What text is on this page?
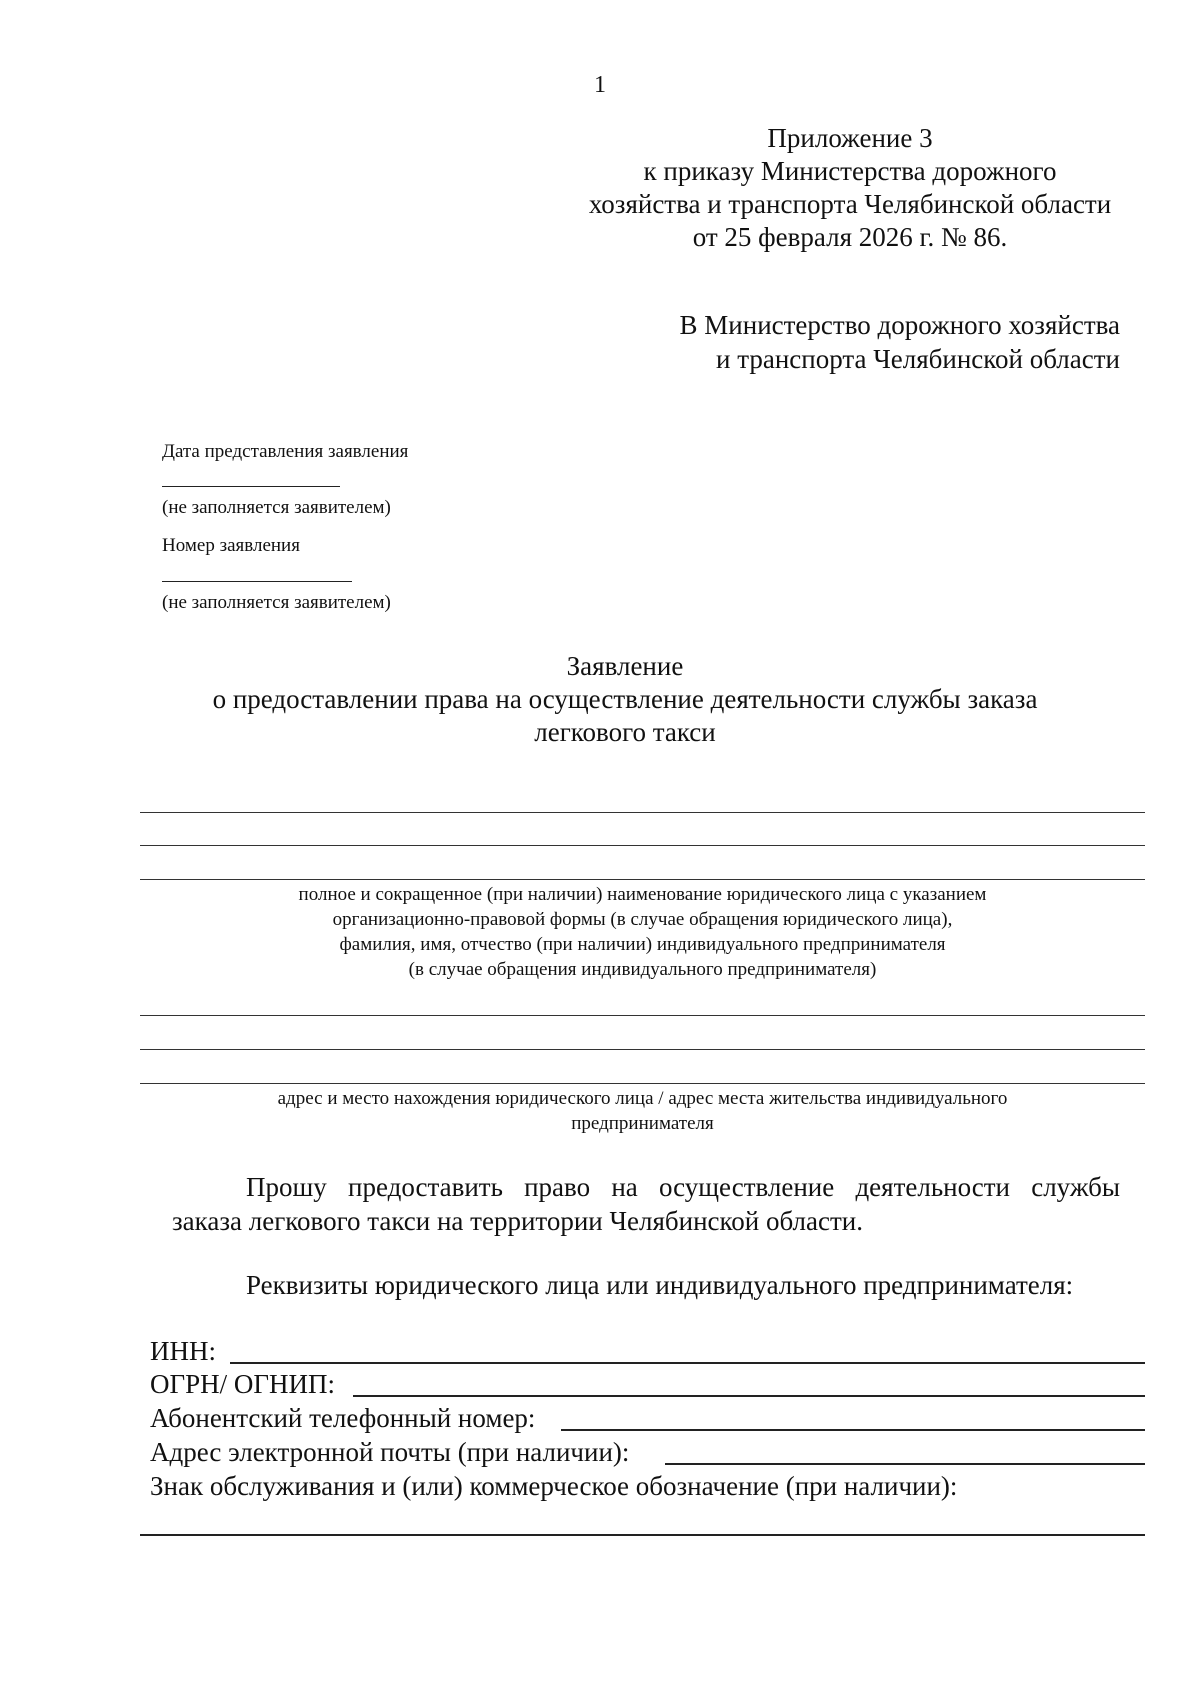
1
Приложение 3
к приказу Министерства дорожного
хозяйства и транспорта Челябинской области
от 25 февраля 2026 г. № 86.
В Министерство дорожного хозяйства
и транспорта Челябинской области
Дата представления заявления
(не заполняется заявителем)
Номер заявления
(не заполняется заявителем)
Заявление
о предоставлении права на осуществление деятельности службы заказа
легкового такси
полное и сокращенное (при наличии) наименование юридического лица с указанием
организационно-правовой формы (в случае обращения юридического лица),
фамилия, имя, отчество (при наличии) индивидуального предпринимателя
(в случае обращения индивидуального предпринимателя)
адрес и место нахождения юридического лица / адрес места жительства индивидуального
предпринимателя
Прошу предоставить право на осуществление деятельности службы
заказа легкового такси на территории Челябинской области.
Реквизиты юридического лица или индивидуального предпринимателя:
ИНН:
ОГРН/ ОГНИП:
Абонентский телефонный номер:
Адрес электронной почты (при наличии):
Знак обслуживания и (или) коммерческое обозначение (при наличии):
